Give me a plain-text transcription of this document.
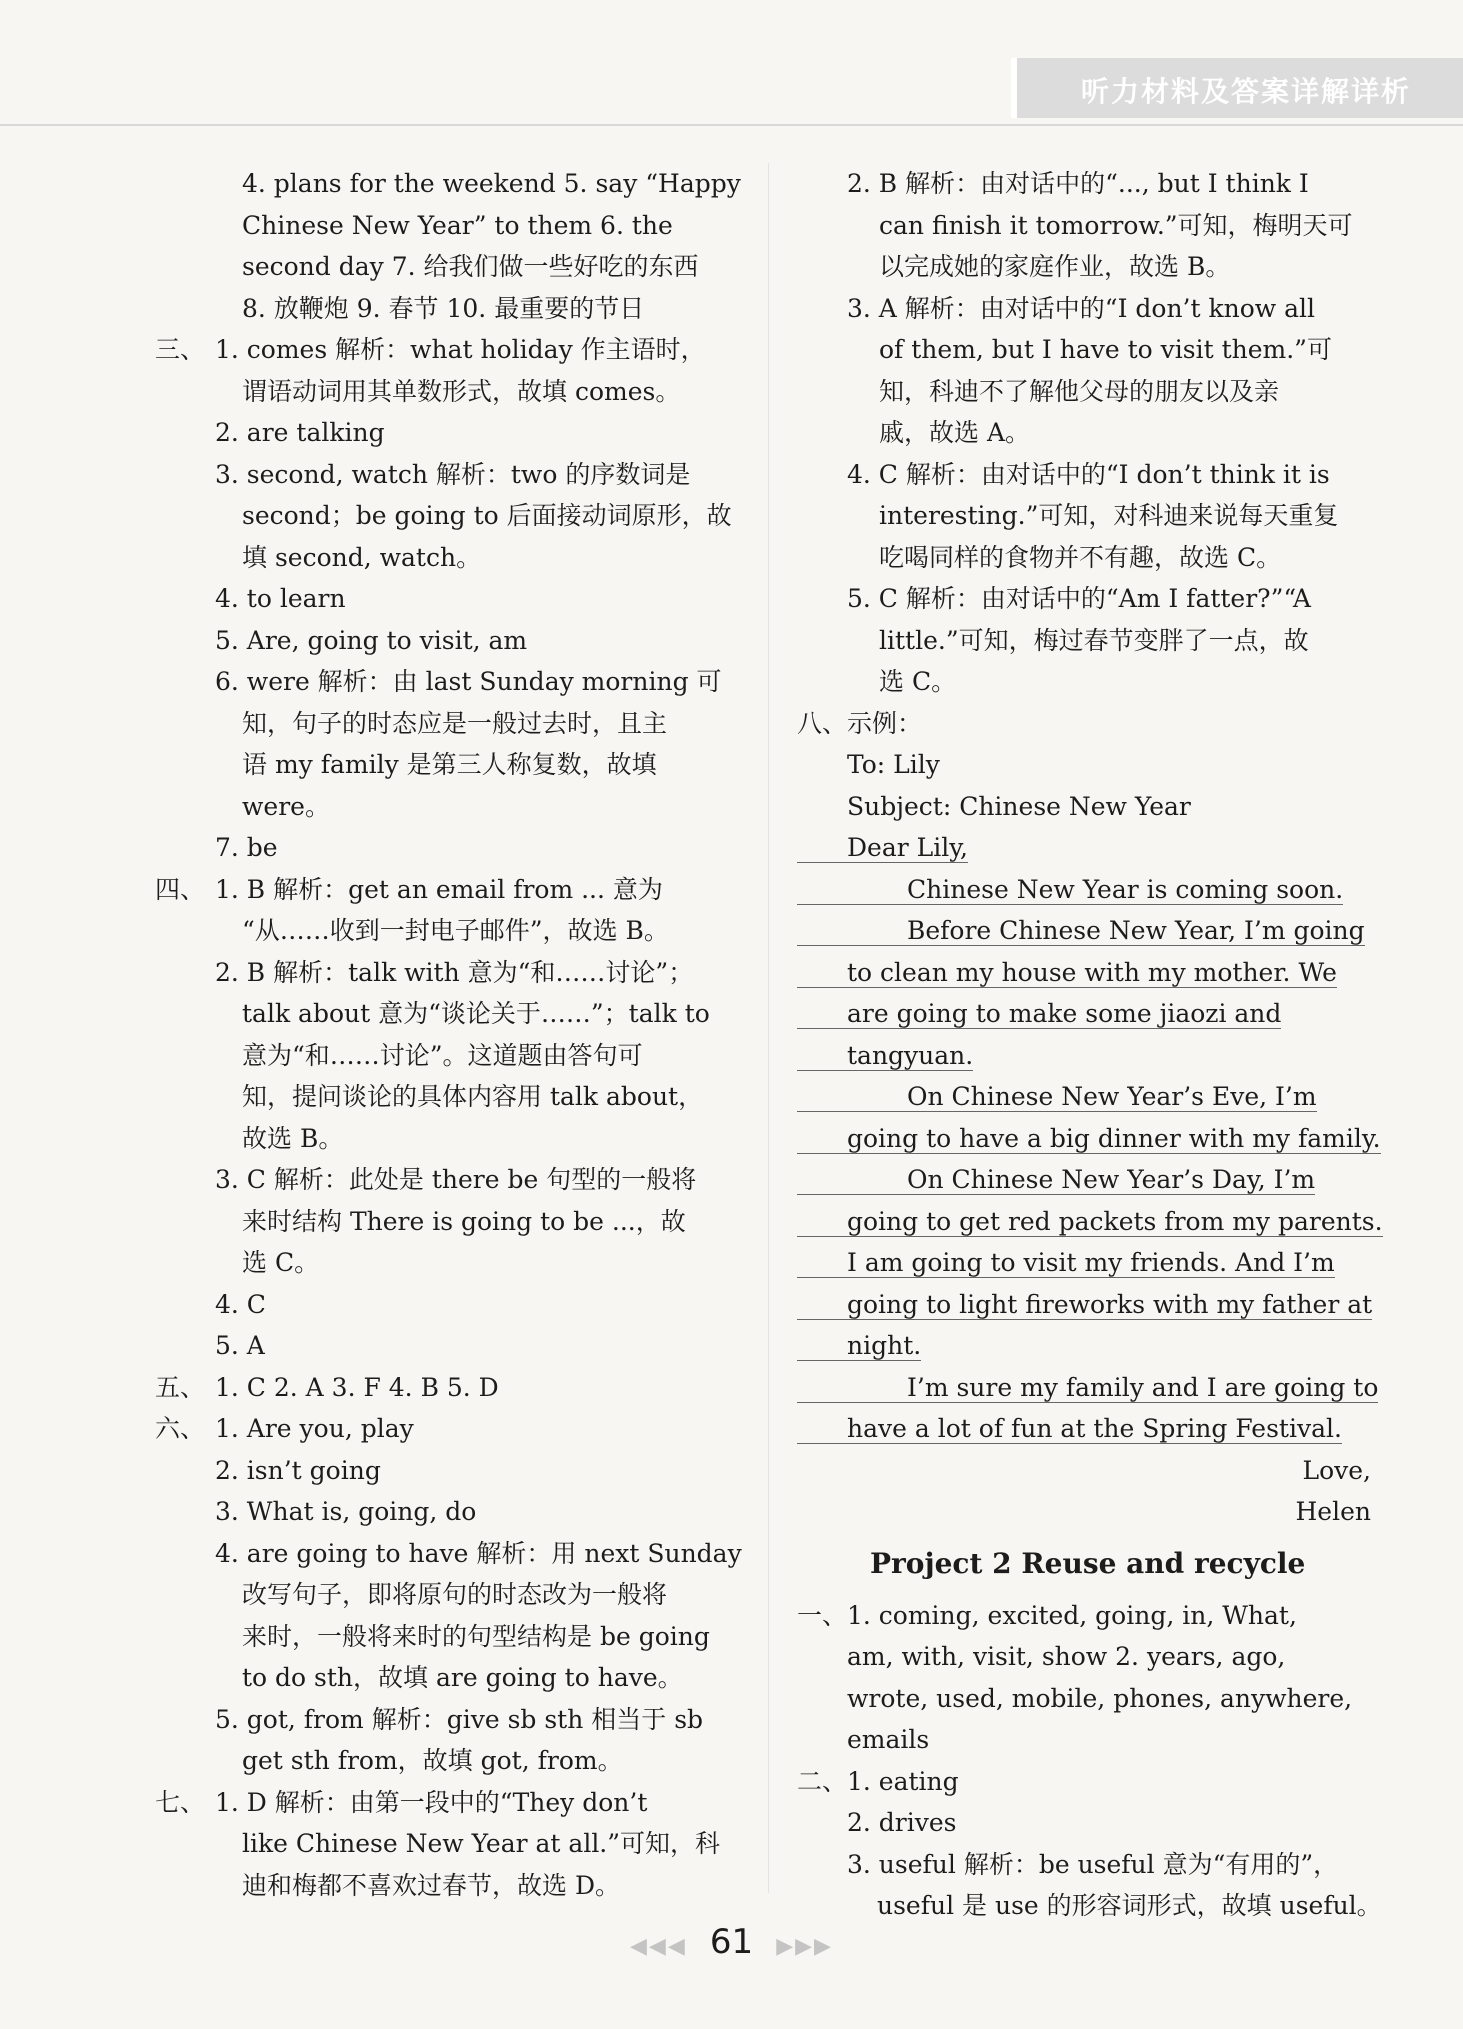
听力材料及答案详解详析
4. plans for the weekend 5. say “Happy
Chinese New Year” to them 6. the
second day 7. 给我们做一些好吃的东西
8. 放鞭炮 9. 春节 10. 最重要的节日
三、 1. comes 解析：what holiday 作主语时，
谓语动词用其单数形式，故填 comes。
2. are talking
3. second, watch 解析：two 的序数词是
second；be going to 后面接动词原形，故
填 second, watch。
4. to learn
5. Are, going to visit, am
6. were 解析：由 last Sunday morning 可
知，句子的时态应是一般过去时，且主
语 my family 是第三人称复数，故填
were。
7. be
四、 1. B 解析：get an email from ... 意为
“从……收到一封电子邮件”，故选 B。
2. B 解析：talk with 意为“和……讨论”；
talk about 意为“谈论关于……”；talk to
意为“和……讨论”。这道题由答句可
知，提问谈论的具体内容用 talk about，
故选 B。
3. C 解析：此处是 there be 句型的一般将
来时结构 There is going to be ...，故
选 C。
4. C
5. A
五、 1. C 2. A 3. F 4. B 5. D
六、 1. Are you, play
2. isn’t going
3. What is, going, do
4. are going to have 解析：用 next Sunday
改写句子，即将原句的时态改为一般将
来时，一般将来时的句型结构是 be going
to do sth，故填 are going to have。
5. got, from 解析：give sb sth 相当于 sb
get sth from，故填 got, from。
七、 1. D 解析：由第一段中的“They don’t
like Chinese New Year at all.”可知，科
迪和梅都不喜欢过春节，故选 D。
2. B 解析：由对话中的“..., but I think I
can finish it tomorrow.”可知，梅明天可
以完成她的家庭作业，故选 B。
3. A 解析：由对话中的“I don’t know all
of them, but I have to visit them.”可
知，科迪不了解他父母的朋友以及亲
戚，故选 A。
4. C 解析：由对话中的“I don’t think it is
interesting.”可知，对科迪来说每天重复
吃喝同样的食物并不有趣，故选 C。
5. C 解析：由对话中的“Am I fatter?”“A
little.”可知，梅过春节变胖了一点，故
选 C。
八、示例：
To: Lily
Subject: Chinese New Year
Dear Lily,
Chinese New Year is coming soon.
Before Chinese New Year, I’m going
to clean my house with my mother. We
are going to make some jiaozi and
tangyuan.
On Chinese New Year’s Eve, I’m
going to have a big dinner with my family.
On Chinese New Year’s Day, I’m
going to get red packets from my parents.
I am going to visit my friends. And I’m
going to light fireworks with my father at
night.
I’m sure my family and I are going to
have a lot of fun at the Spring Festival.
Love,
Helen
Project 2 Reuse and recycle
一、 1. coming, excited, going, in, What,
am, with, visit, show 2. years, ago,
wrote, used, mobile, phones, anywhere,
emails
二、 1. eating
2. drives
3. useful 解析：be useful 意为“有用的”，
useful 是 use 的形容词形式，故填 useful。
◀◀◀ 61 ▶▶▶
